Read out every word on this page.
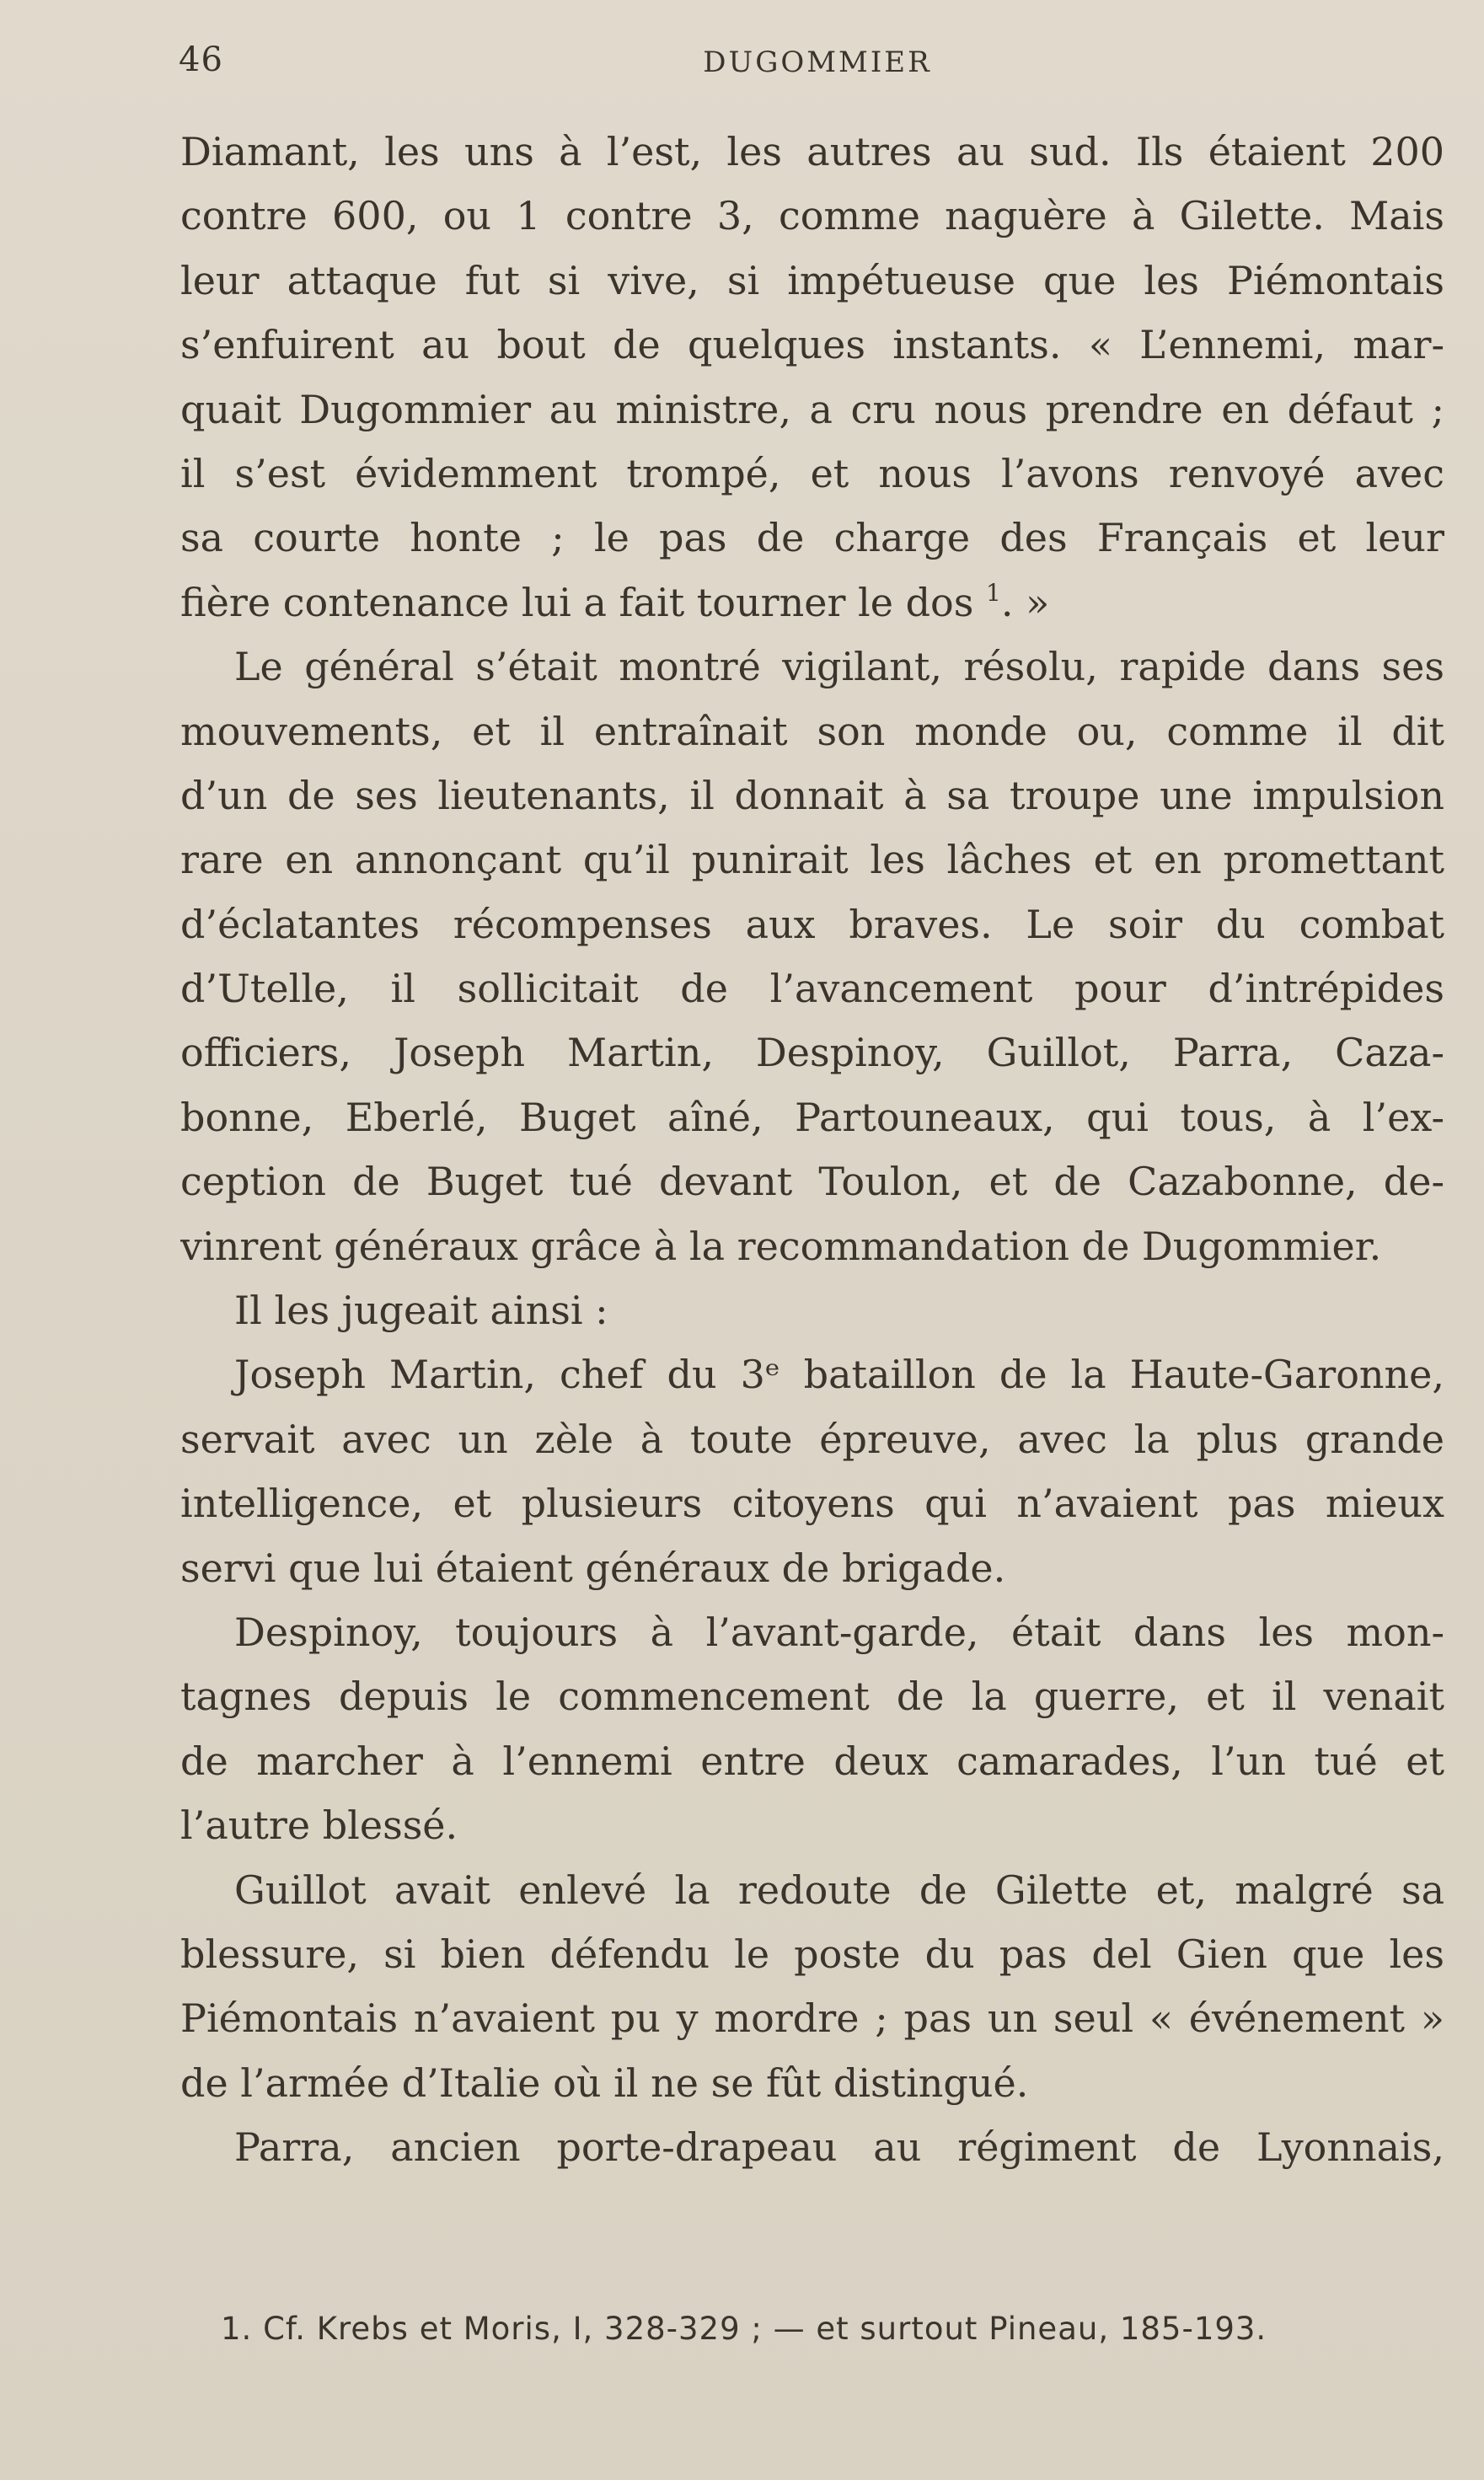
46	DUGOMMIER
Diamant, les uns à l’est, les autres au sud. Ils étaient 200
contre 600, ou 1 contre 3, comme naguère à Gilette. Mais
leur attaque fut si vive, si impétueuse que les Piémontais
s’enfuirent au bout de quelques instants. « L’ennemi, mar-
quait Dugommier au ministre, a cru nous prendre en défaut ;
il s’est évidemment trompé, et nous l’avons renvoyé avec
sa courte honte ; le pas de charge des Français et leur
fière contenance lui a fait tourner le dos $^1$. »
Le général s’était montré vigilant, résolu, rapide dans ses
mouvements, et il entraînait son monde ou, comme il dit
d’un de ses lieutenants, il donnait à sa troupe une impulsion
rare en annonçant qu’il punirait les lâches et en promettant
d’éclatantes récompenses aux braves. Le soir du combat
d’Utelle, il sollicitait de l’avancement pour d’intrépides
officiers, Joseph Martin, Despinoy, Guillot, Parra, Caza-
bonne, Eberlé, Buget aîné, Partouneaux, qui tous, à l’ex-
ception de Buget tué devant Toulon, et de Cazabonne, de-
vinrent généraux grâce à la recommandation de Dugommier.
Il les jugeait ainsi :
Joseph Martin, chef du 3ᵉ bataillon de la Haute-Garonne,
servait avec un zèle à toute épreuve, avec la plus grande
intelligence, et plusieurs citoyens qui n’avaient pas mieux
servi que lui étaient généraux de brigade.
Despinoy, toujours à l’avant-garde, était dans les mon-
tagnes depuis le commencement de la guerre, et il venait
de marcher à l’ennemi entre deux camarades, l’un tué et
l’autre blessé.
Guillot avait enlevé la redoute de Gilette et, malgré sa
blessure, si bien défendu le poste du pas del Gien que les
Piémontais n’avaient pu y mordre ; pas un seul « événement »
de l’armée d’Italie où il ne se fût distingué.
Parra, ancien porte-drapeau au régiment de Lyonnais,
1. Cf. Krebs et Moris, I, 328-329 ; — et surtout Pineau, 185-193.
